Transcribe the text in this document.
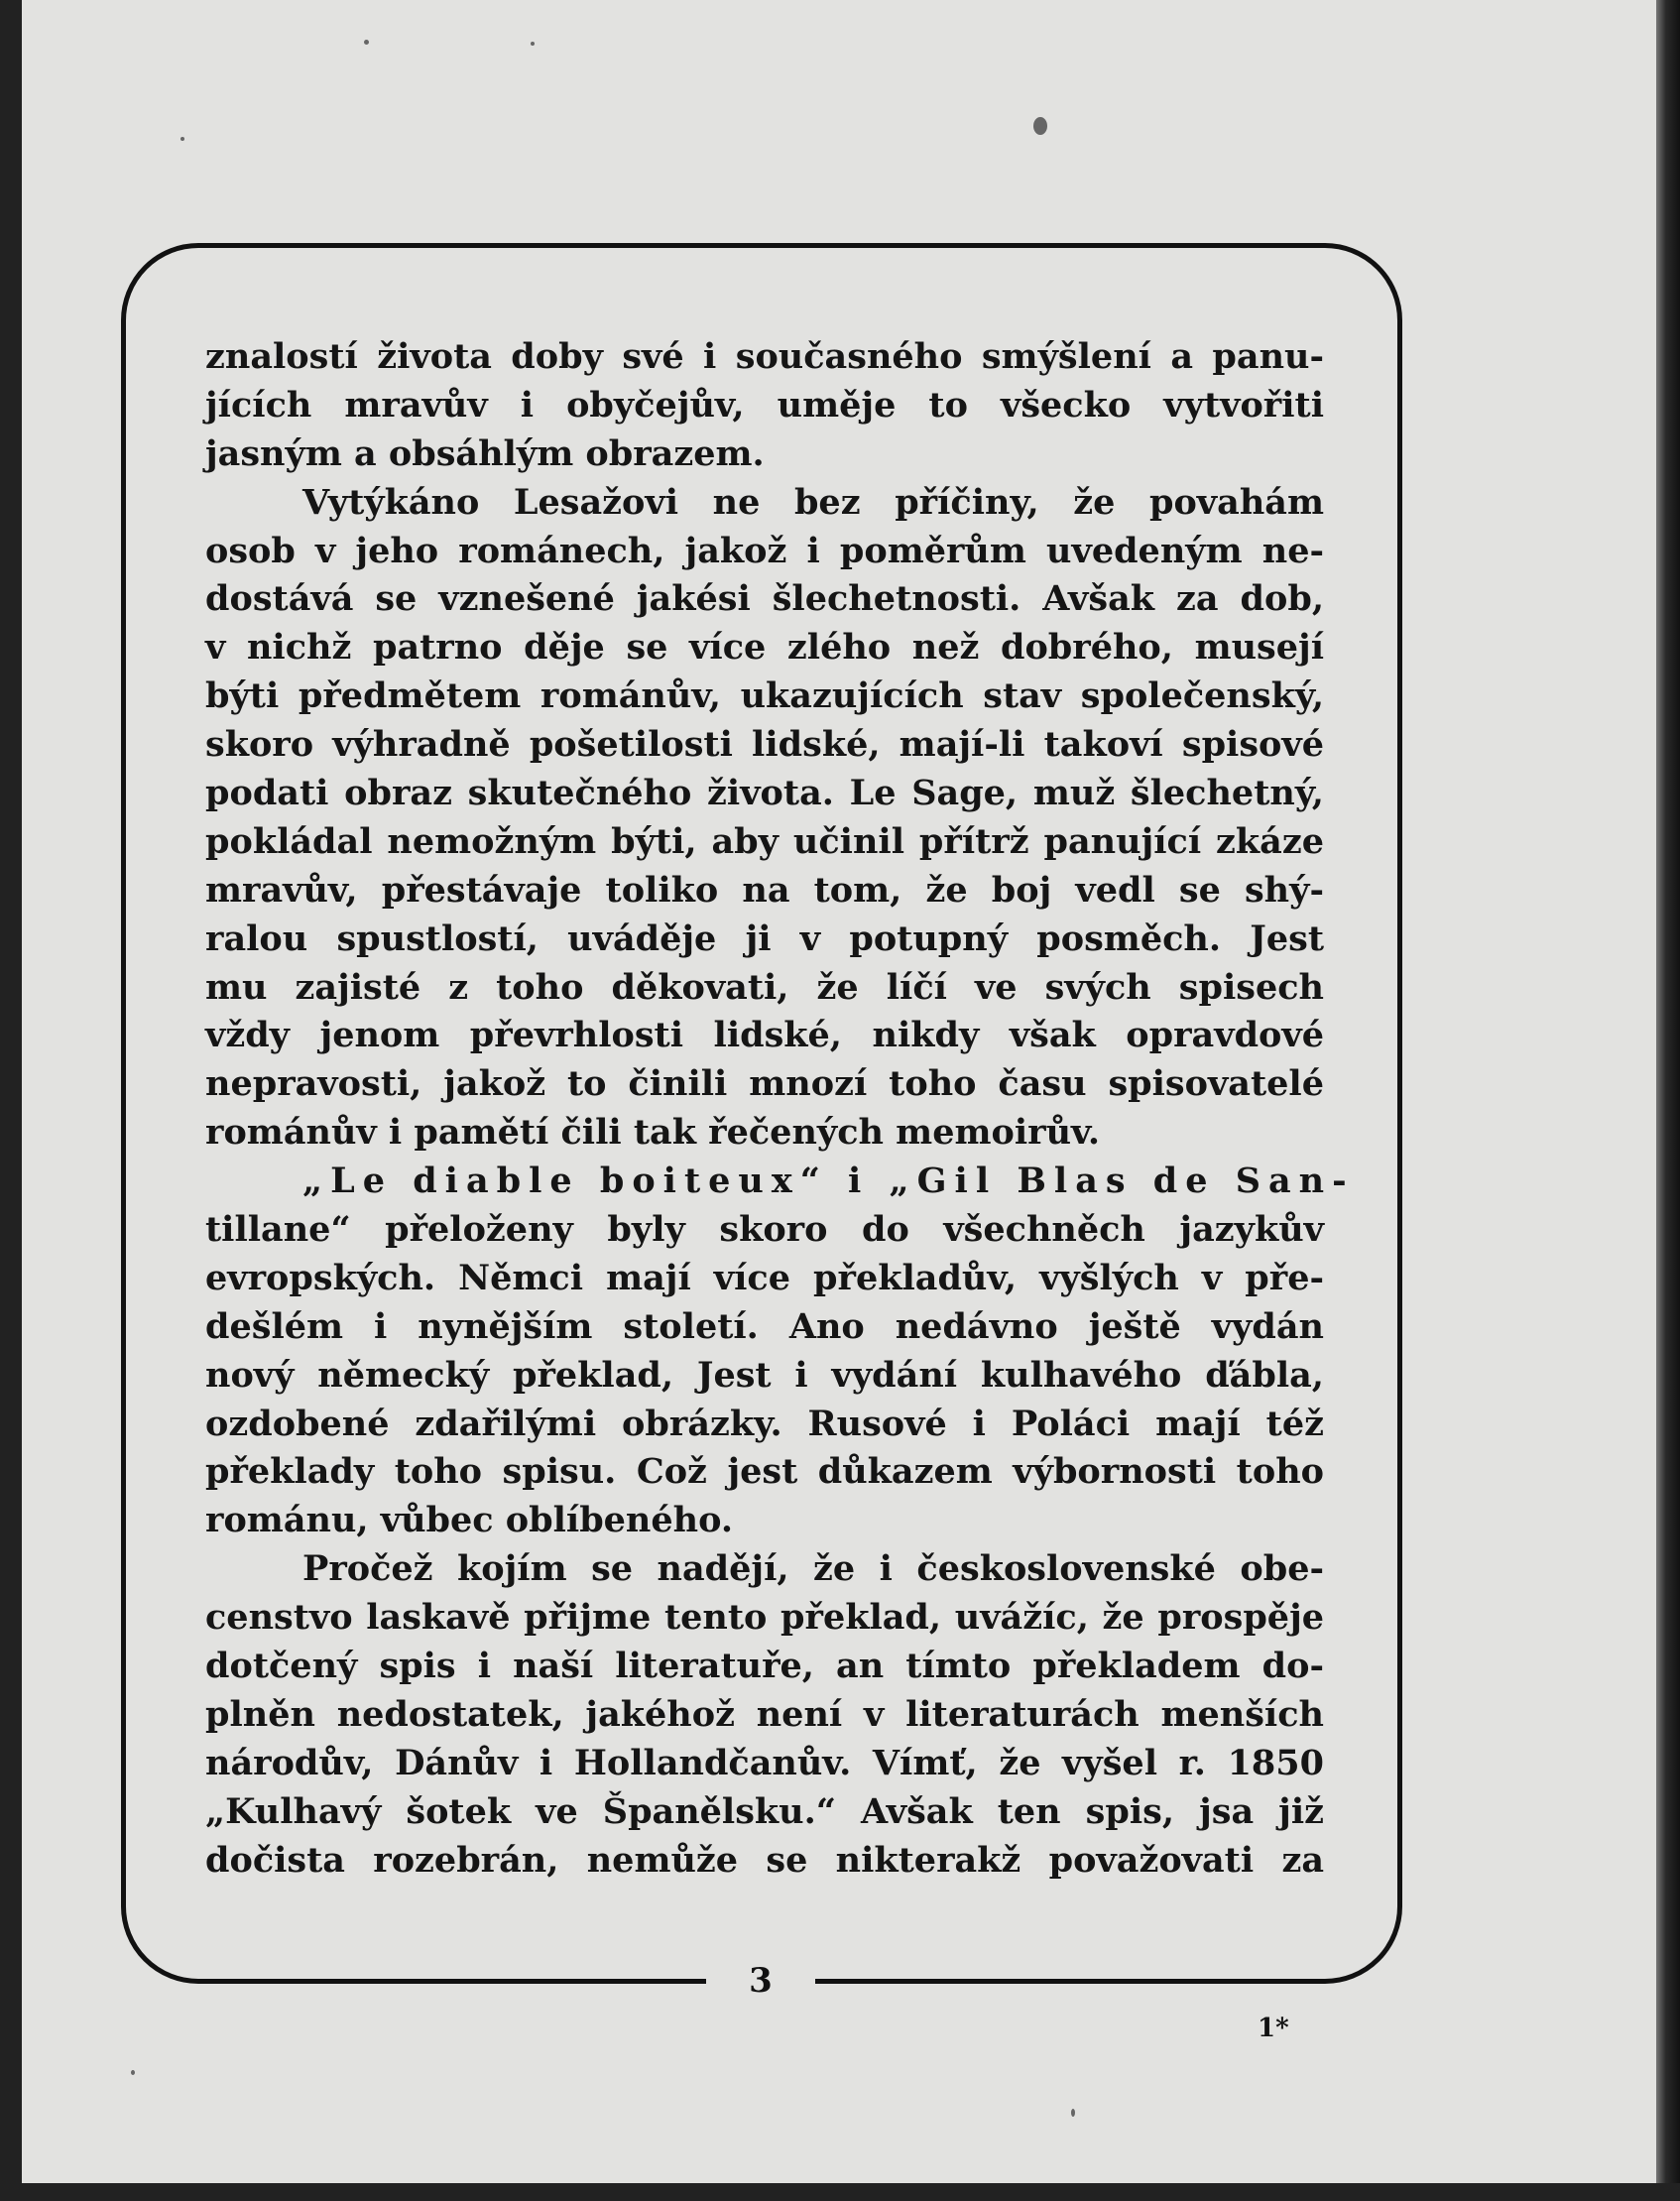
znalostí života doby své i současného smýšlení a panu-
jících mravův i obyčejův, uměje to všecko vytvořiti
jasným a obsáhlým obrazem.
Vytýkáno Lesažovi ne bez příčiny, že povahám
osob v jeho románech, jakož i poměrům uvedeným ne-
dostává se vznešené jakési šlechetnosti. Avšak za dob,
v nichž patrno děje se více zlého než dobrého, musejí
býti předmětem románův, ukazujících stav společenský,
skoro výhradně pošetilosti lidské, mají-li takoví spisové
podati obraz skutečného života. Le Sage, muž šlechetný,
pokládal nemožným býti, aby učinil přítrž panující zkáze
mravův, přestávaje toliko na tom, že boj vedl se shý-
ralou spustlostí, uváděje ji v potupný posměch. Jest
mu zajisté z toho děkovati, že líčí ve svých spisech
vždy jenom převrhlosti lidské, nikdy však opravdové
nepravosti, jakož to činili mnozí toho času spisovatelé
románův i pamětí čili tak řečených memoirův.
„Le diable boiteux“ i „Gil Blas de San-
tillane“ přeloženy byly skoro do všechněch jazykův
evropských. Němci mají více překladův, vyšlých v pře-
dešlém i nynějším století. Ano nedávno ještě vydán
nový německý překlad, Jest i vydání kulhavého ďábla,
ozdobené zdařilými obrázky. Rusové i Poláci mají též
překlady toho spisu. Což jest důkazem výbornosti toho
románu, vůbec oblíbeného.
Pročež kojím se nadějí, že i československé obe-
censtvo laskavě přijme tento překlad, uvážíc, že prospěje
dotčený spis i naší literatuře, an tímto překladem do-
plněn nedostatek, jakéhož není v literaturách menších
národův, Dánův i Hollandčanův. Vímť, že vyšel r. 1850
„Kulhavý šotek ve Španělsku.“ Avšak ten spis, jsa již
dočista rozebrán, nemůže se nikterakž považovati za
3
1*
